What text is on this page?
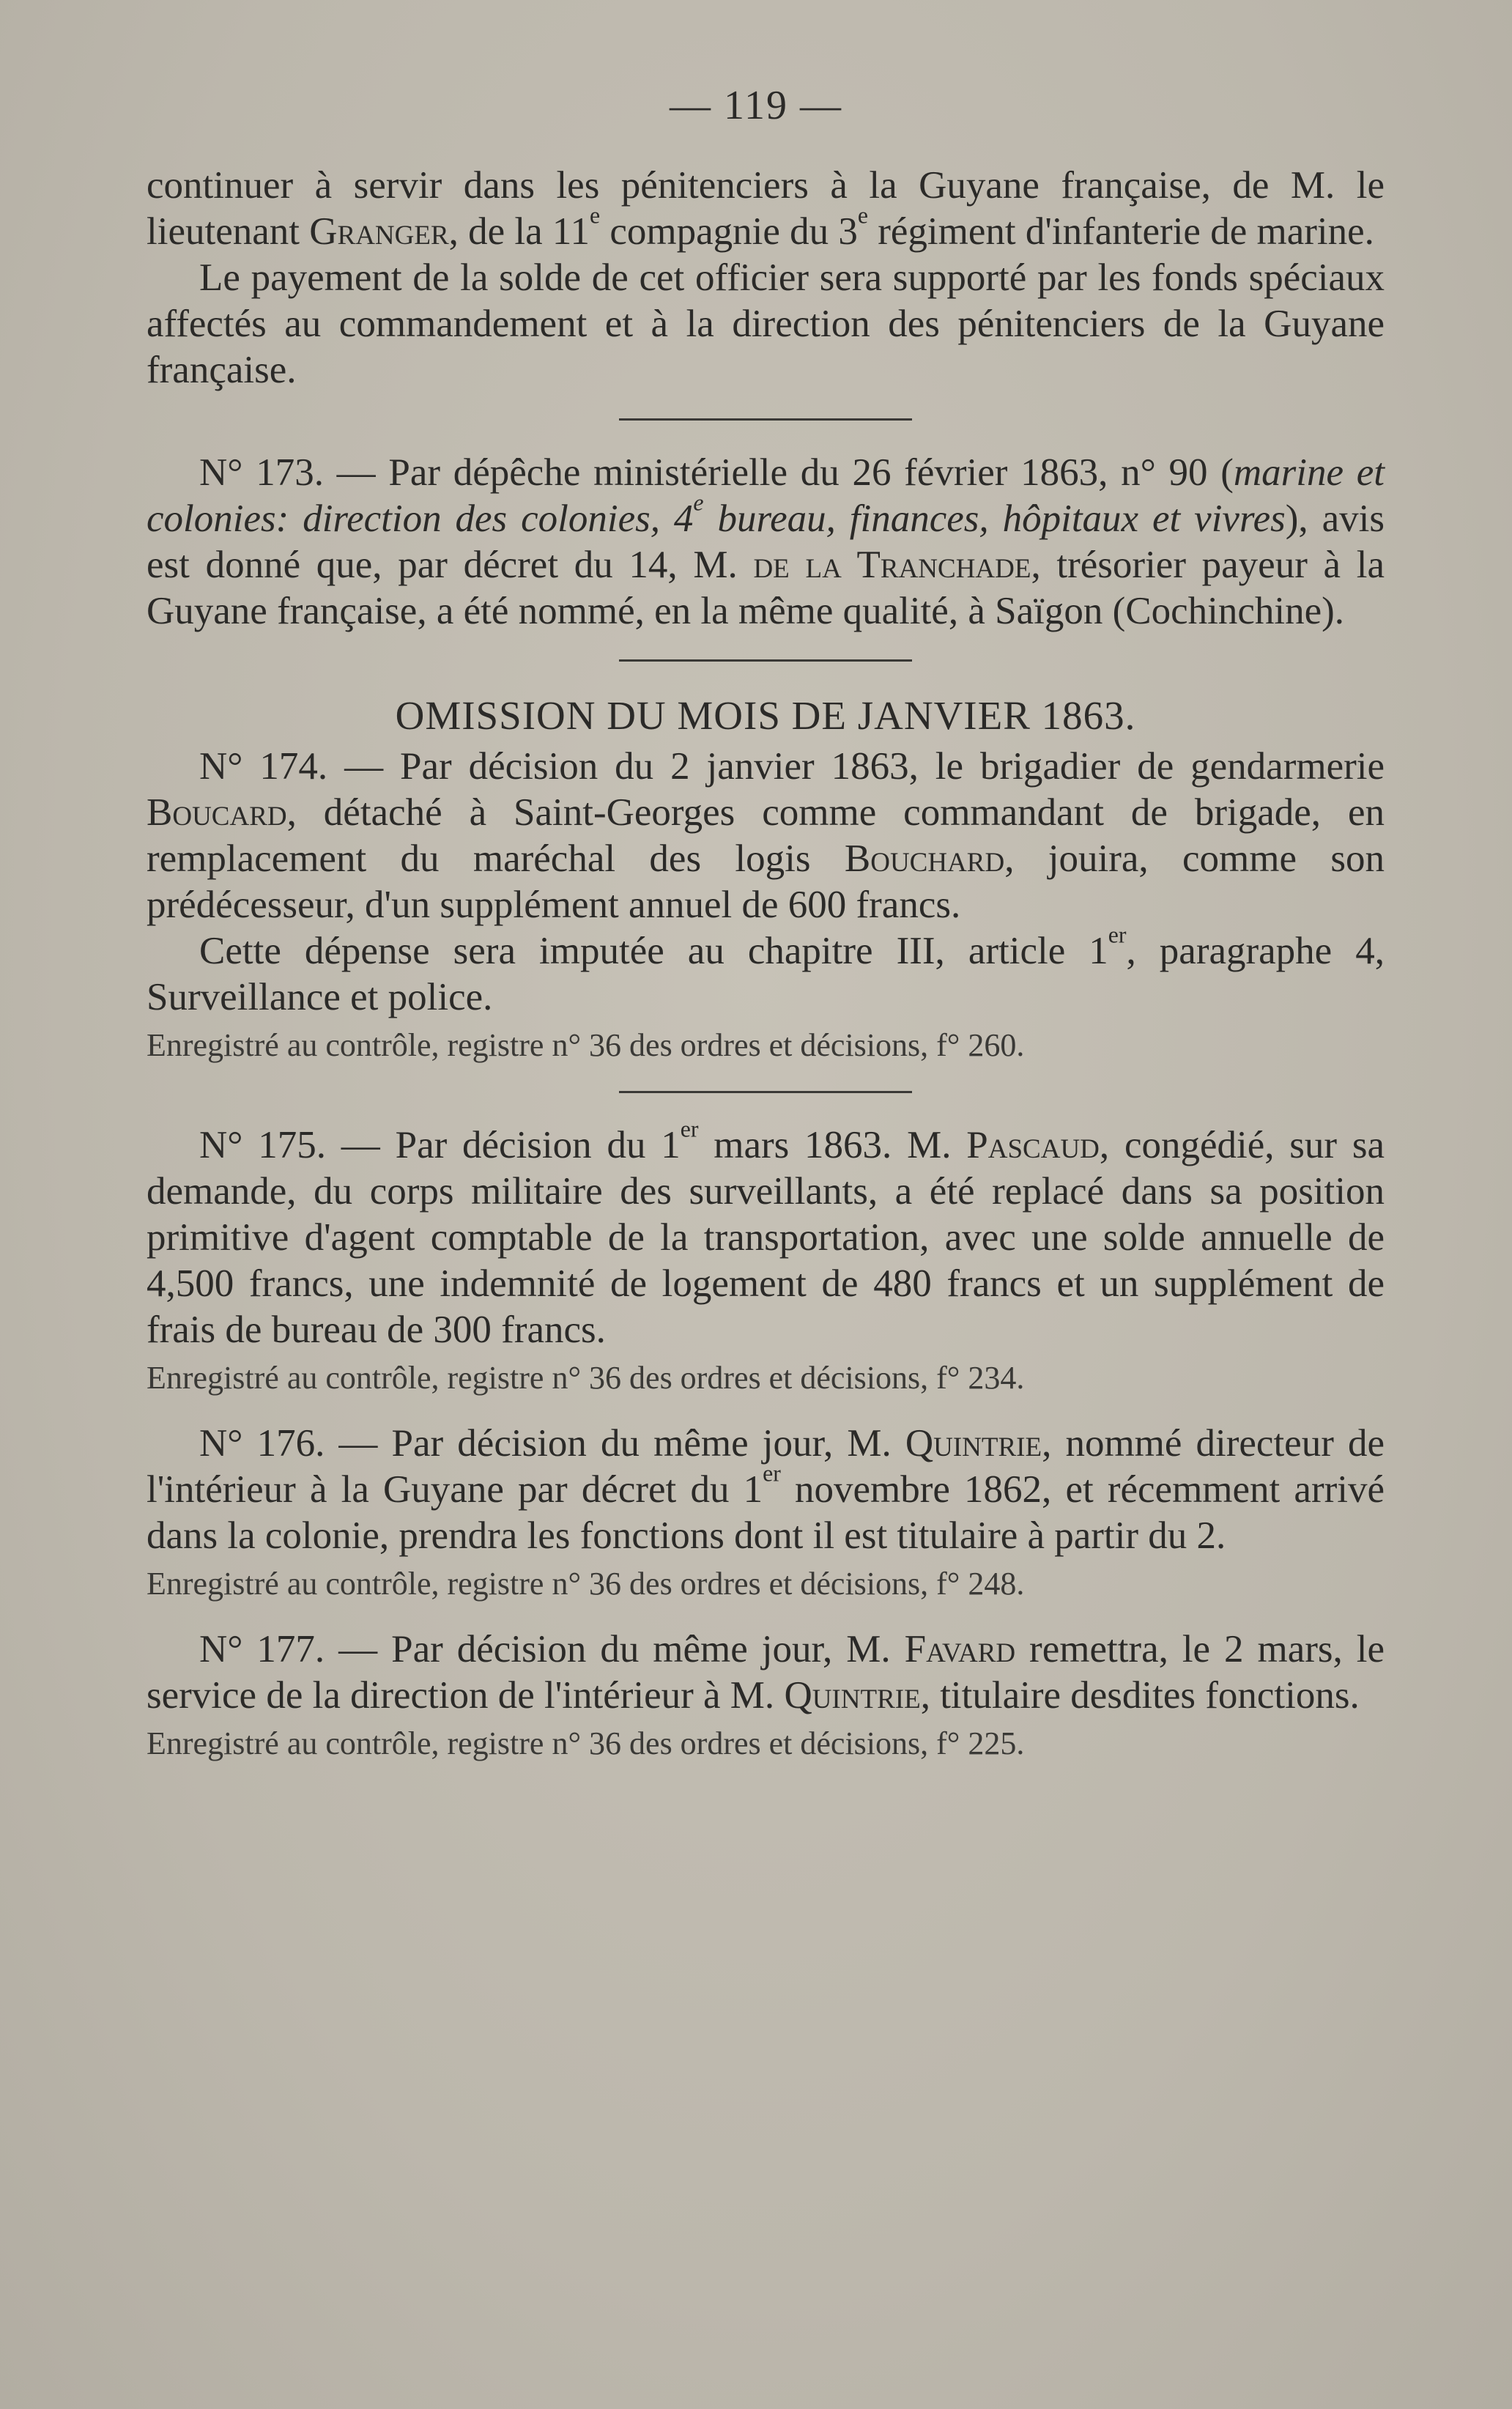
— 119 —

continuer à servir dans les pénitenciers à la Guyane française, de M. le lieutenant Granger, de la 11e compagnie du 3e régiment d'infanterie de marine.

Le payement de la solde de cet officier sera supporté par les fonds spéciaux affectés au commandement et à la direction des pénitenciers de la Guyane française.

N° 173. — Par dépêche ministérielle du 26 février 1863, n° 90 (marine et colonies: direction des colonies, 4e bureau, finances, hôpitaux et vivres), avis est donné que, par décret du 14, M. de la Tranchade, trésorier payeur à la Guyane française, a été nommé, en la même qualité, à Saïgon (Cochinchine).

OMISSION DU MOIS DE JANVIER 1863.

N° 174. — Par décision du 2 janvier 1863, le brigadier de gendarmerie Boucard, détaché à Saint-Georges comme commandant de brigade, en remplacement du maréchal des logis Bouchard, jouira, comme son prédécesseur, d'un supplément annuel de 600 francs.

Cette dépense sera imputée au chapitre III, article 1er, paragraphe 4, Surveillance et police.

Enregistré au contrôle, registre n° 36 des ordres et décisions, f° 260.

N° 175. — Par décision du 1er mars 1863. M. Pascaud, congédié, sur sa demande, du corps militaire des surveillants, a été replacé dans sa position primitive d'agent comptable de la transportation, avec une solde annuelle de 4,500 francs, une indemnité de logement de 480 francs et un supplément de frais de bureau de 300 francs.

Enregistré au contrôle, registre n° 36 des ordres et décisions, f° 234.

N° 176. — Par décision du même jour, M. Quintrie, nommé directeur de l'intérieur à la Guyane par décret du 1er novembre 1862, et récemment arrivé dans la colonie, prendra les fonctions dont il est titulaire à partir du 2.

Enregistré au contrôle, registre n° 36 des ordres et décisions, f° 248.

N° 177. — Par décision du même jour, M. Favard remettra, le 2 mars, le service de la direction de l'intérieur à M. Quintrie, titulaire desdites fonctions.

Enregistré au contrôle, registre n° 36 des ordres et décisions, f° 225.
